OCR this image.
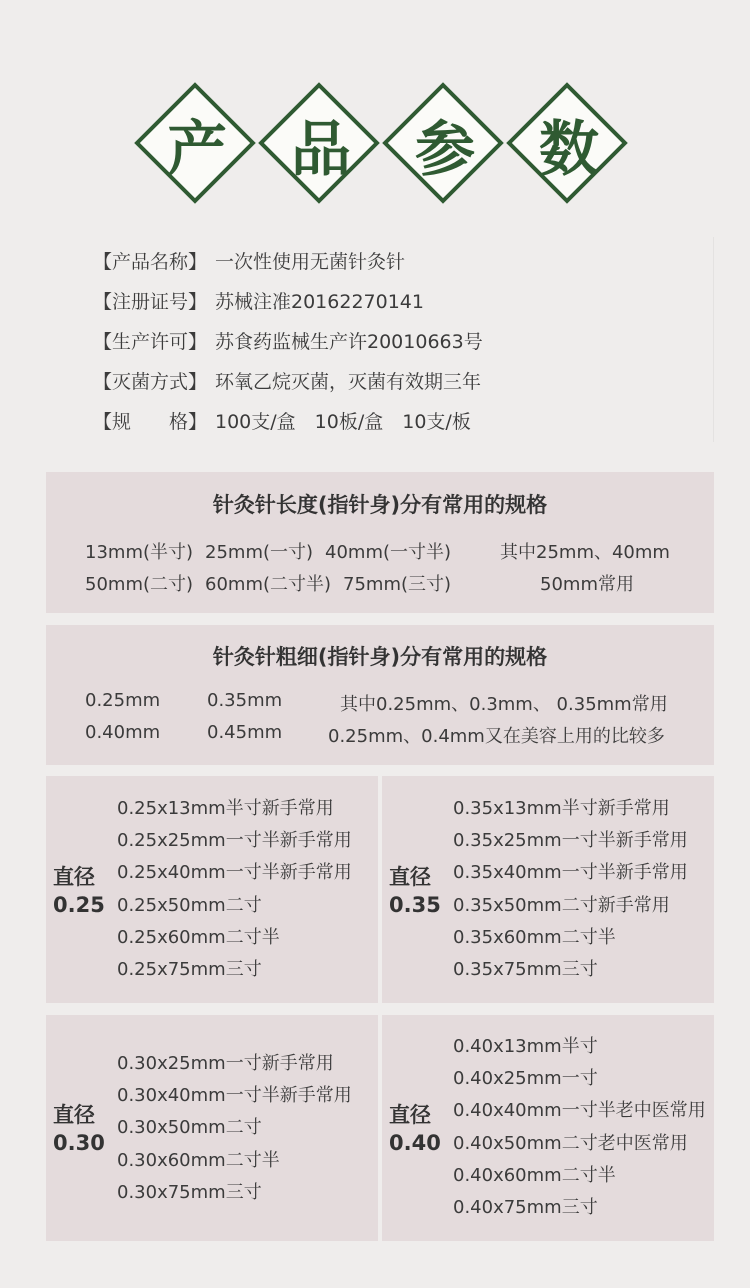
产	品	参	数
【产品名称】 一次性使用无菌针灸针
【注册证号】 苏械注准20162270141
【生产许可】 苏食药监械生产许20010663号
【灭菌方式】 环氧乙烷灭菌，灭菌有效期三年
【规　　格】 100支/盒　10板/盒　10支/板
针灸针长度(指针身)分有常用的规格
13mm(半寸) 25mm(一寸) 40mm(一寸半)	其中25mm、40mm
50mm(二寸) 60mm(二寸半) 75mm(三寸)	50mm常用
针灸针粗细(指针身)分有常用的规格
0.25mm	0.35mm	其中0.25mm、0.3mm、 0.35mm常用
0.40mm	0.45mm	0.25mm、0.4mm又在美容上用的比较多
直径
0.25
0.25x13mm半寸新手常用
0.25x25mm一寸半新手常用
0.25x40mm一寸半新手常用
0.25x50mm二寸
0.25x60mm二寸半
0.25x75mm三寸
直径
0.35
0.35x13mm半寸新手常用
0.35x25mm一寸半新手常用
0.35x40mm一寸半新手常用
0.35x50mm二寸新手常用
0.35x60mm二寸半
0.35x75mm三寸
直径
0.30
0.30x25mm一寸新手常用
0.30x40mm一寸半新手常用
0.30x50mm二寸
0.30x60mm二寸半
0.30x75mm三寸
直径
0.40
0.40x13mm半寸
0.40x25mm一寸
0.40x40mm一寸半老中医常用
0.40x50mm二寸老中医常用
0.40x60mm二寸半
0.40x75mm三寸
